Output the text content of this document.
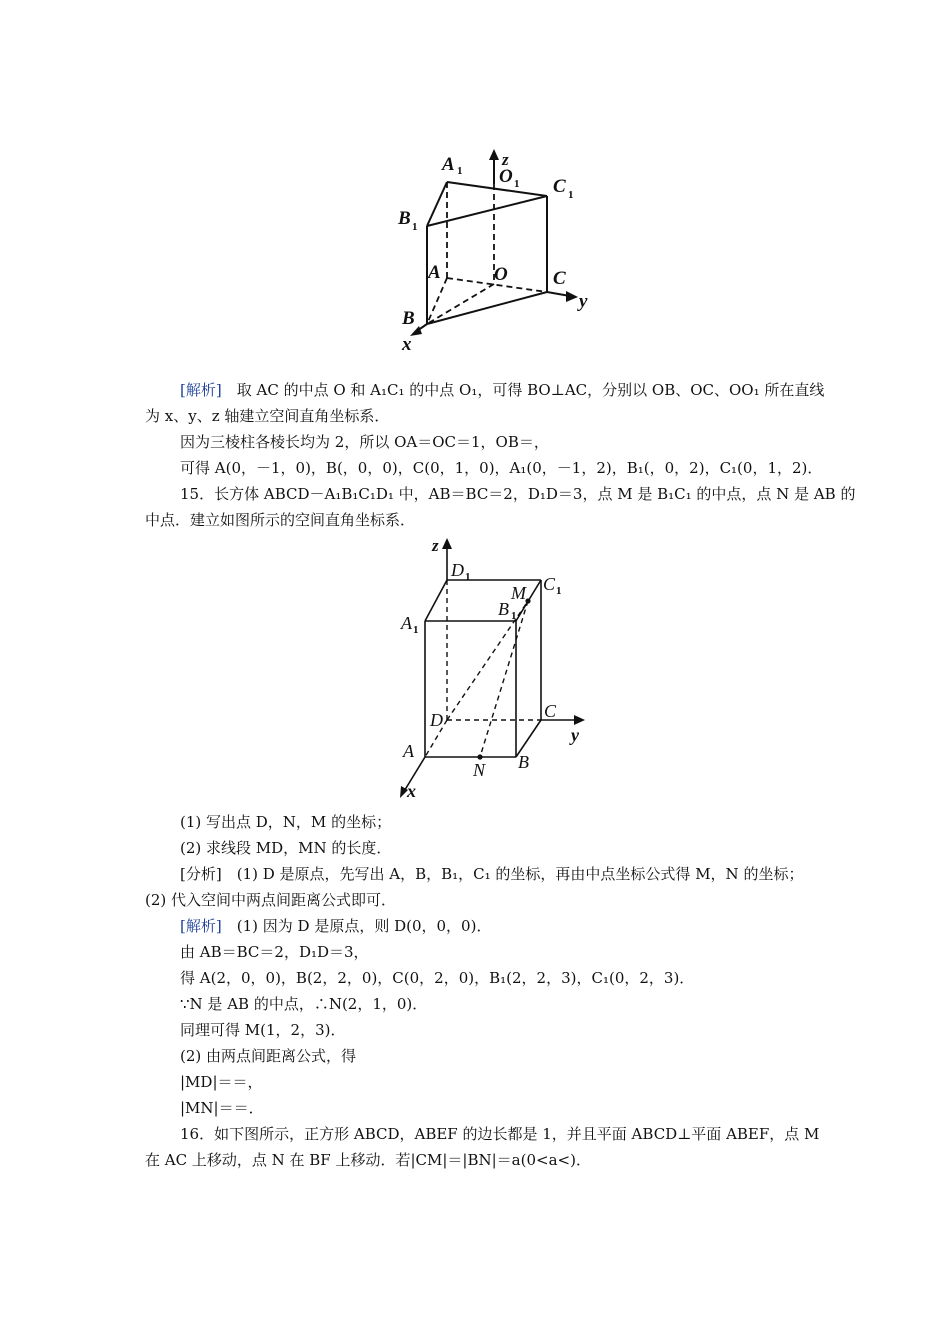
A 1
z
O 1 C 1
B 1
A	O C
y
B
x
[解析]　 取 AC 的中点 O 和 A₁C₁ 的中点 O₁，可得 BO⊥AC，分别以 OB、OC、OO₁ 所在直线
为 x、y、z 轴建立空间直角坐标系．
因为三棱柱各棱长均为 2，所以 OA＝OC＝1，OB＝，
可得 A(0，－1，0)，B(，0，0)，C(0，1，0)，A₁(0，－1，2)，B₁(，0，2)，C₁(0，1，2)．
15．长方体 ABCD－A₁B₁C₁D₁ 中，AB＝BC＝2，D₁D＝3，点 M 是 B₁C₁ 的中点，点 N 是 AB 的
中点．建立如图所示的空间直角坐标系．
z
D 1
M C 1
B 1
A 1
D	C
y
A
N B
x
(1) 写出点 D，N，M 的坐标；
(2) 求线段 MD，MN 的长度．
[分析]　(1) D 是原点，先写出 A，B，B₁，C₁ 的坐标，再由中点坐标公式得 M，N 的坐标；
(2) 代入空间中两点间距离公式即可．
[解析]　 (1) 因为 D 是原点，则 D(0，0，0)．
由 AB＝BC＝2，D₁D＝3，
得 A(2，0，0)，B(2，2，0)，C(0，2，0)，B₁(2，2，3)，C₁(0，2，3)．
∵N 是 AB 的中点，∴N(2，1，0)．
同理可得 M(1，2，3)．
(2) 由两点间距离公式，得
|MD|＝＝，
|MN|＝＝．
16．如下图所示，正方形 ABCD，ABEF 的边长都是 1，并且平面 ABCD⊥平面 ABEF，点 M
在 AC 上移动，点 N 在 BF 上移动．若|CM|＝|BN|＝a(0<a<)．
